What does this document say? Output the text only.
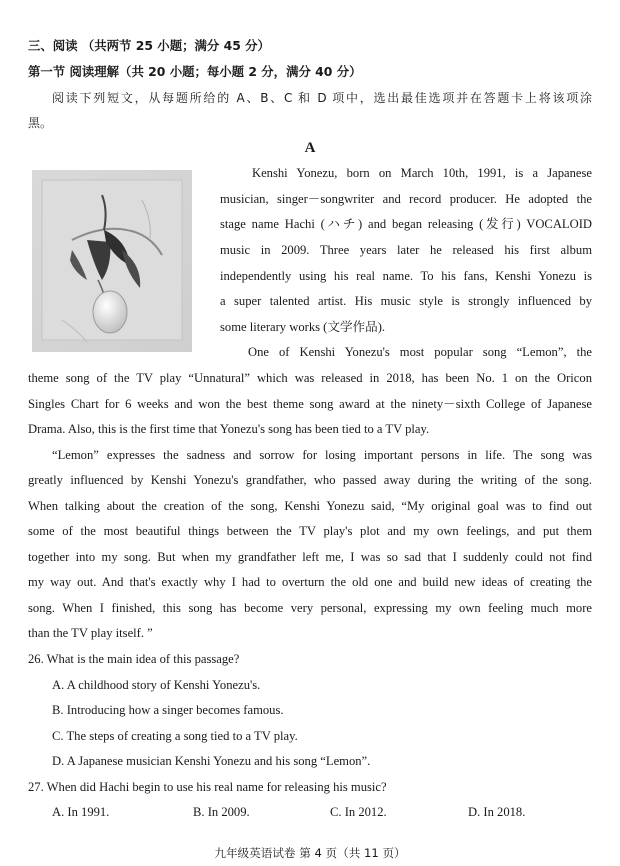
三、阅读 （共两节 25 小题；满分 45 分）
第一节 阅读理解（共 20 小题；每小题 2 分，满分 40 分）
阅读下列短文，从每题所给的 A、B、C 和 D 项中，选出最佳选项并在答题卡上将该项涂
黑。
A
Kenshi Yonezu, born on March 10th, 1991, is a Japanese
musician, singer－songwriter and record producer. He adopted the
stage name Hachi (ハチ) and began releasing (发行) VOCALOID
music in 2009. Three years later he released his first album
independently using his real name. To his fans, Kenshi Yonezu is
a super talented artist. His music style is strongly influenced by
some literary works (文学作品).
One of Kenshi Yonezu's most popular song “Lemon”, the
theme song of the TV play “Unnatural” which was released in 2018, has been No. 1 on the Oricon
Singles Chart for 6 weeks and won the best theme song award at the ninety－sixth College of Japanese
Drama. Also, this is the first time that Yonezu's song has been tied to a TV play.
“Lemon” expresses the sadness and sorrow for losing important persons in life. The song was
greatly influenced by Kenshi Yonezu's grandfather, who passed away during the writing of the song.
When talking about the creation of the song, Kenshi Yonezu said, “My original goal was to find out
some of the most beautiful things between the TV play's plot and my own feelings, and put them
together into my song. But when my grandfather left me, I was so sad that I suddenly could not find
my way out. And that's exactly why I had to overturn the old one and build new ideas of creating the
song. When I finished, this song has become very personal, expressing my own feeling much more
than the TV play itself. ”
26. What is the main idea of this passage?
A. A childhood story of Kenshi Yonezu's.
B. Introducing how a singer becomes famous.
C. The steps of creating a song tied to a TV play.
D. A Japanese musician Kenshi Yonezu and his song “Lemon”.
27. When did Hachi begin to use his real name for releasing his music?
A. In 1991.	B. In 2009.	C. In 2012.	D. In 2018.
九年级英语试卷 第 4 页（共 11 页）
